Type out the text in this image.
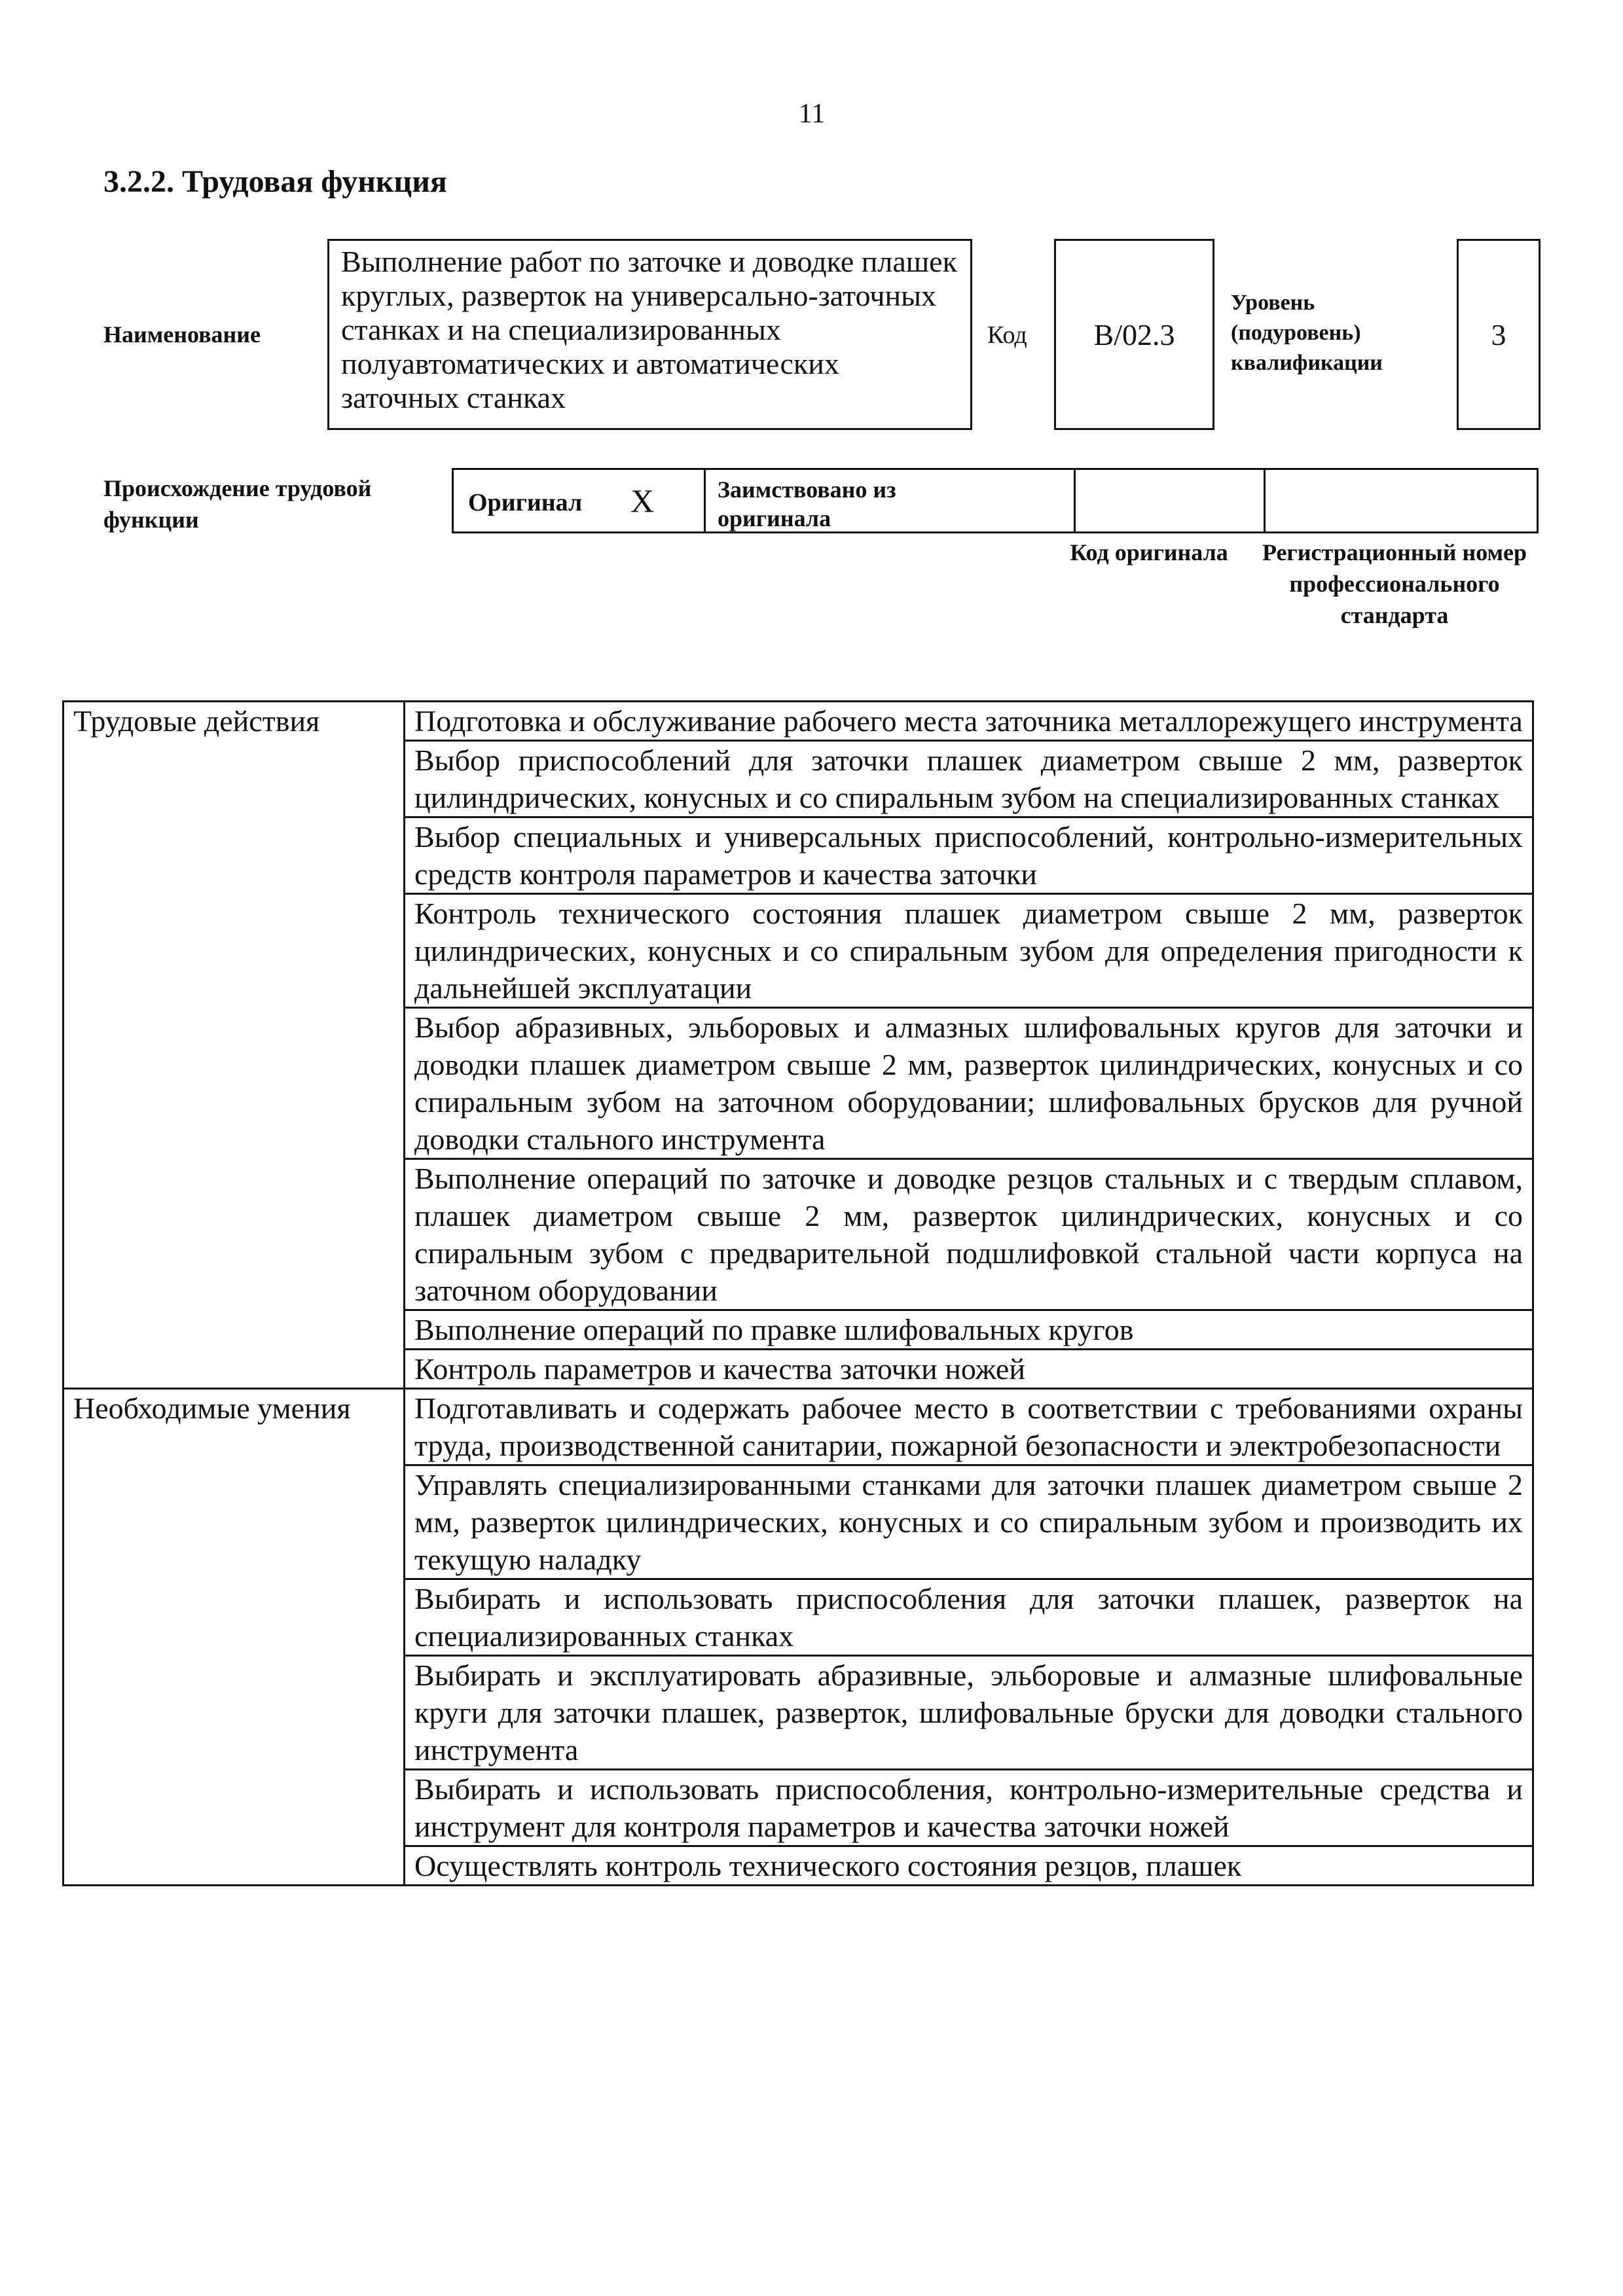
11
3.2.2. Трудовая функция
Наименование
Выполнение работ по заточке и доводке плашек круглых, разверток на универсально-заточных станках и на специализированных полуавтоматических и автоматических заточных станках
Код	B/02.3
Уровень (подуровень) квалификации
3
Происхождение трудовой функции
Оригинал X	Заимствовано из оригинала
Код оригинала	Регистрационный номер профессионального стандарта
Трудовые действия	Подготовка и обслуживание рабочего места заточника металлорежущего инструмента
	Выбор приспособлений для заточки плашек диаметром свыше 2 мм, разверток цилиндрических, конусных и со спиральным зубом на специализированных станках
	Выбор специальных и универсальных приспособлений, контрольно-измерительных средств контроля параметров и качества заточки
	Контроль технического состояния плашек диаметром свыше 2 мм, разверток цилиндрических, конусных и со спиральным зубом для определения пригодности к дальнейшей эксплуатации
	Выбор абразивных, эльборовых и алмазных шлифовальных кругов для заточки и доводки плашек диаметром свыше 2 мм, разверток цилиндрических, конусных и со спиральным зубом на заточном оборудовании; шлифовальных брусков для ручной доводки стального инструмента
	Выполнение операций по заточке и доводке резцов стальных и с твердым сплавом, плашек диаметром свыше 2 мм, разверток цилиндрических, конусных и со спиральным зубом с предварительной подшлифовкой стальной части корпуса на заточном оборудовании
	Выполнение операций по правке шлифовальных кругов
	Контроль параметров и качества заточки ножей
Необходимые умения	Подготавливать и содержать рабочее место в соответствии с требованиями охраны труда, производственной санитарии, пожарной безопасности и электробезопасности
	Управлять специализированными станками для заточки плашек диаметром свыше 2 мм, разверток цилиндрических, конусных и со спиральным зубом и производить их текущую наладку
	Выбирать и использовать приспособления для заточки плашек, разверток на специализированных станках
	Выбирать и эксплуатировать абразивные, эльборовые и алмазные шлифовальные круги для заточки плашек, разверток, шлифовальные бруски для доводки стального инструмента
	Выбирать и использовать приспособления, контрольно-измерительные средства и инструмент для контроля параметров и качества заточки ножей
	Осуществлять контроль технического состояния резцов, плашек
